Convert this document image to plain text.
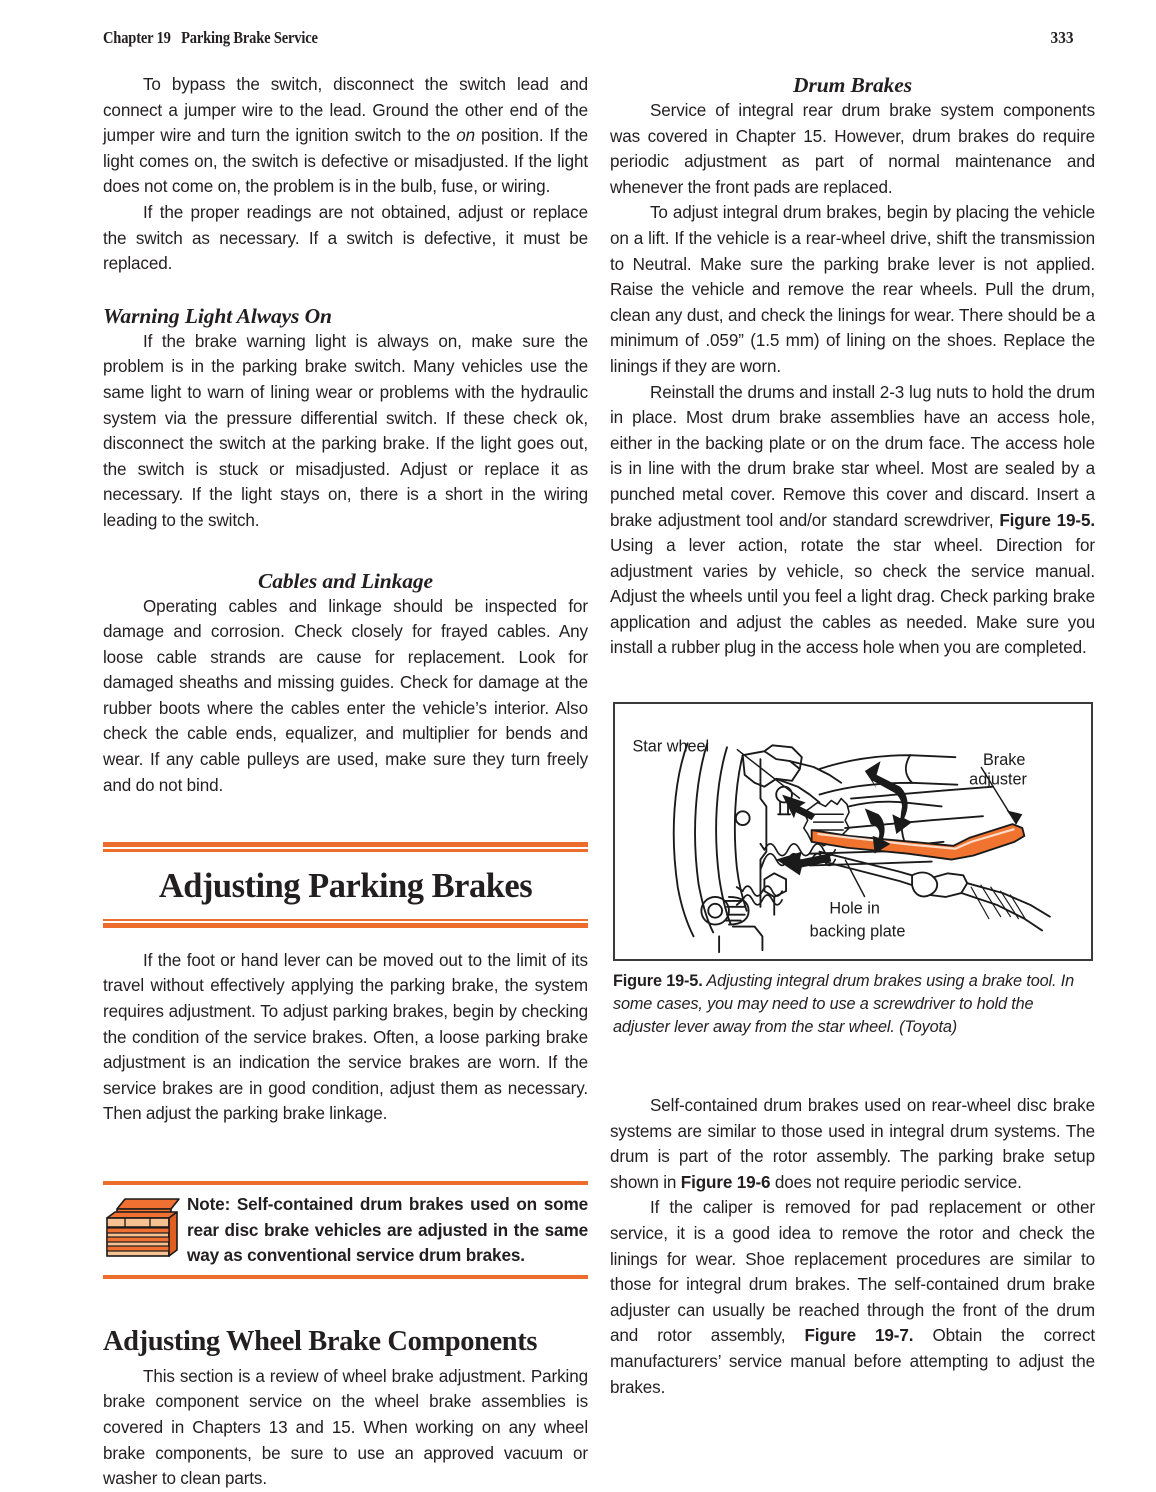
Chapter 19   Parking Brake Service	333

To bypass the switch, disconnect the switch lead and connect a jumper wire to the lead. Ground the other end of the jumper wire and turn the ignition switch to the on position. If the light comes on, the switch is defective or misadjusted. If the light does not come on, the problem is in the bulb, fuse, or wiring.

If the proper readings are not obtained, adjust or replace the switch as necessary. If a switch is defective, it must be replaced.

Warning Light Always On

If the brake warning light is always on, make sure the problem is in the parking brake switch. Many vehicles use the same light to warn of lining wear or problems with the hydraulic system via the pressure differential switch. If these check ok, disconnect the switch at the parking brake. If the light goes out, the switch is stuck or misadjusted. Adjust or replace it as necessary. If the light stays on, there is a short in the wiring leading to the switch.

Cables and Linkage

Operating cables and linkage should be inspected for damage and corrosion. Check closely for frayed cables. Any loose cable strands are cause for replacement. Look for damaged sheaths and missing guides. Check for damage at the rubber boots where the cables enter the vehicle’s interior. Also check the cable ends, equalizer, and multiplier for bends and wear. If any cable pulleys are used, make sure they turn freely and do not bind.

Adjusting Parking Brakes

If the foot or hand lever can be moved out to the limit of its travel without effectively applying the parking brake, the system requires adjustment. To adjust parking brakes, begin by checking the condition of the service brakes. Often, a loose parking brake adjustment is an indication the service brakes are worn. If the service brakes are in good condition, adjust them as necessary. Then adjust the parking brake linkage.

Note: Self-contained drum brakes used on some rear disc brake vehicles are adjusted in the same way as conventional service drum brakes.

Adjusting Wheel Brake Components

This section is a review of wheel brake adjustment. Parking brake component service on the wheel brake assemblies is covered in Chapters 13 and 15. When working on any wheel brake components, be sure to use an approved vacuum or washer to clean parts.

Drum Brakes

Service of integral rear drum brake system components was covered in Chapter 15. However, drum brakes do require periodic adjustment as part of normal maintenance and whenever the front pads are replaced.

To adjust integral drum brakes, begin by placing the vehicle on a lift. If the vehicle is a rear-wheel drive, shift the transmission to Neutral. Make sure the parking brake lever is not applied. Raise the vehicle and remove the rear wheels. Pull the drum, clean any dust, and check the linings for wear. There should be a minimum of .059” (1.5 mm) of lining on the shoes. Replace the linings if they are worn.

Reinstall the drums and install 2-3 lug nuts to hold the drum in place. Most drum brake assemblies have an access hole, either in the backing plate or on the drum face. The access hole is in line with the drum brake star wheel. Most are sealed by a punched metal cover. Remove this cover and discard. Insert a brake adjustment tool and/or standard screwdriver, Figure 19-5. Using a lever action, rotate the star wheel. Direction for adjustment varies by vehicle, so check the service manual. Adjust the wheels until you feel a light drag. Check parking brake application and adjust the cables as needed. Make sure you install a rubber plug in the access hole when you are completed.

Star wheel
Brake
adjuster
Hole in
backing plate

Figure 19-5. Adjusting integral drum brakes using a brake tool. In some cases, you may need to use a screwdriver to hold the adjuster lever away from the star wheel. (Toyota)

Self-contained drum brakes used on rear-wheel disc brake systems are similar to those used in integral drum systems. The drum is part of the rotor assembly. The parking brake setup shown in Figure 19-6 does not require periodic service.

If the caliper is removed for pad replacement or other service, it is a good idea to remove the rotor and check the linings for wear. Shoe replacement procedures are similar to those for integral drum brakes. The self-contained drum brake adjuster can usually be reached through the front of the drum and rotor assembly, Figure 19-7. Obtain the correct manufacturers’ service manual before attempting to adjust the brakes.
